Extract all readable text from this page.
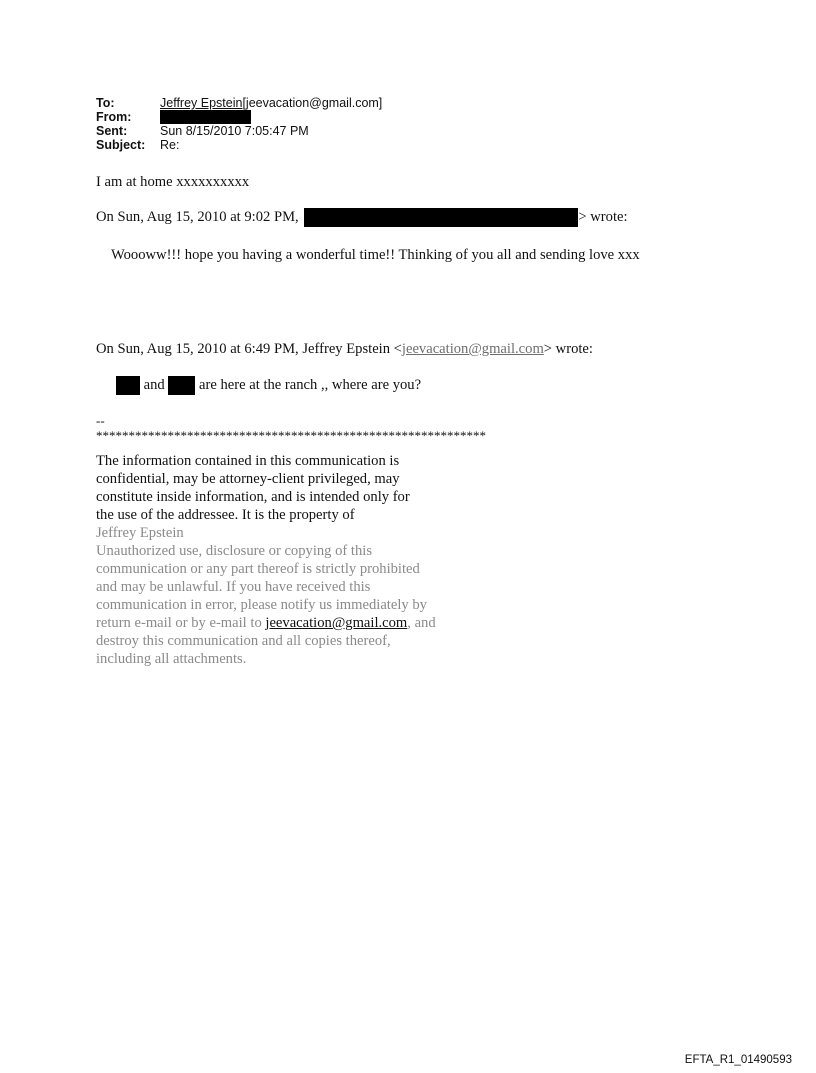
To:	Jeffrey Epstein[jeevacation@gmail.com]
From:
Sent:	Sun 8/15/2010 7:05:47 PM
Subject:	Re:
I am at home xxxxxxxxxx
On Sun, Aug 15, 2010 at 9:02 PM,	> wrote:
Woooww!!! hope you having a wonderful time!! Thinking of you all and sending love xxx
On Sun, Aug 15, 2010 at 6:49 PM, Jeffrey Epstein <jeevacation@gmail.com> wrote:
and are here at the ranch ,, where are you?
--
************************************************************
The information contained in this communication is
confidential, may be attorney-client privileged, may
constitute inside information, and is intended only for
the use of the addressee. It is the property of
Jeffrey Epstein
Unauthorized use, disclosure or copying of this
communication or any part thereof is strictly prohibited
and may be unlawful. If you have received this
communication in error, please notify us immediately by
return e-mail or by e-mail to jeevacation@gmail.com, and
destroy this communication and all copies thereof,
including all attachments.
EFTA_R1_01490593
